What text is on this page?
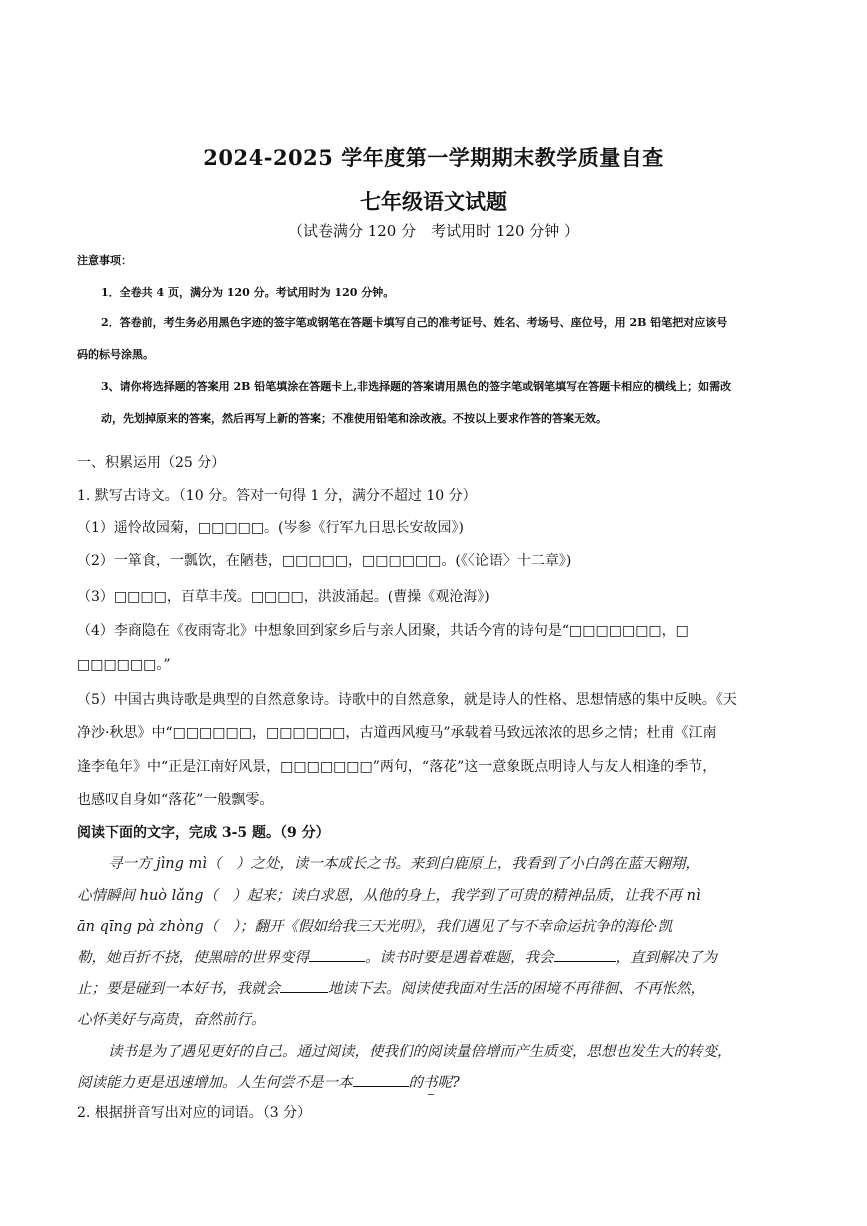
2024-2025 学年度第一学期期末教学质量自查
七年级语文试题
（试卷满分 120 分　考试用时 120 分钟 ）
注意事项：
1．全卷共 4 页，满分为 120 分。考试用时为 120 分钟。
2．答卷前，考生务必用黑色字迹的签字笔或钢笔在答题卡填写自己的准考证号、姓名、考场号、座位号，用 2B 铅笔把对应该号
码的标号涂黑。
3、请你将选择题的答案用 2B 铅笔填涂在答题卡上,非选择题的答案请用黑色的签字笔或钢笔填写在答题卡相应的横线上；如需改
动，先划掉原来的答案，然后再写上新的答案；不准使用铅笔和涂改液。不按以上要求作答的答案无效。
一、积累运用（25 分）
1. 默写古诗文。（10 分。答对一句得 1 分，满分不超过 10 分）
（1）遥怜故园菊，□□□□□。(岑参《行军九日思长安故园》)
（2）一箪食，一瓢饮，在陋巷，□□□□□，□□□□□□。(《〈论语〉十二章》)
（3）□□□□，百草丰茂。□□□□，洪波涌起。(曹操《观沧海》)
（4）李商隐在《夜雨寄北》中想象回到家乡后与亲人团聚，共话今宵的诗句是“□□□□□□□，□
□□□□□□。”
（5）中国古典诗歌是典型的自然意象诗。诗歌中的自然意象，就是诗人的性格、思想情感的集中反映。《天
净沙·秋思》中“□□□□□□，□□□□□□，古道西风瘦马”承载着马致远浓浓的思乡之情；杜甫《江南
逢李龟年》中“正是江南好风景，□□□□□□□”两句，“落花”这一意象既点明诗人与友人相逢的季节，
也感叹自身如“落花”一般飘零。
阅读下面的文字，完成 3-5 题。（9 分）
寻一方 jìng mì（　）之处，读一本成长之书。来到白鹿原上，我看到了小白鸽在蓝天翱翔，
心情瞬间 huò lǎng（　）起来；读白求恩，从他的身上，我学到了可贵的精神品质，让我不再 nì
ān qīng pà zhòng（　）；翻开《假如给我三天光明》，我们遇见了与不幸命运抗争的海伦·凯
勒，她百折不挠，使黑暗的世界变得	。读书时要是遇着难题，我会	，直到解决了为
止；要是碰到一本好书，我就会	地读下去。阅读使我面对生活的困境不再徘徊、不再怅然，
心怀美好与高贵，奋然前行。
读书是为了遇见更好的自己。通过阅读，使我们的阅读量倍增而产生质变，思想也发生大的转变，
阅读能力更是迅速增加。人生何尝不是一本	的书呢?
2. 根据拼音写出对应的词语。（3 分）
